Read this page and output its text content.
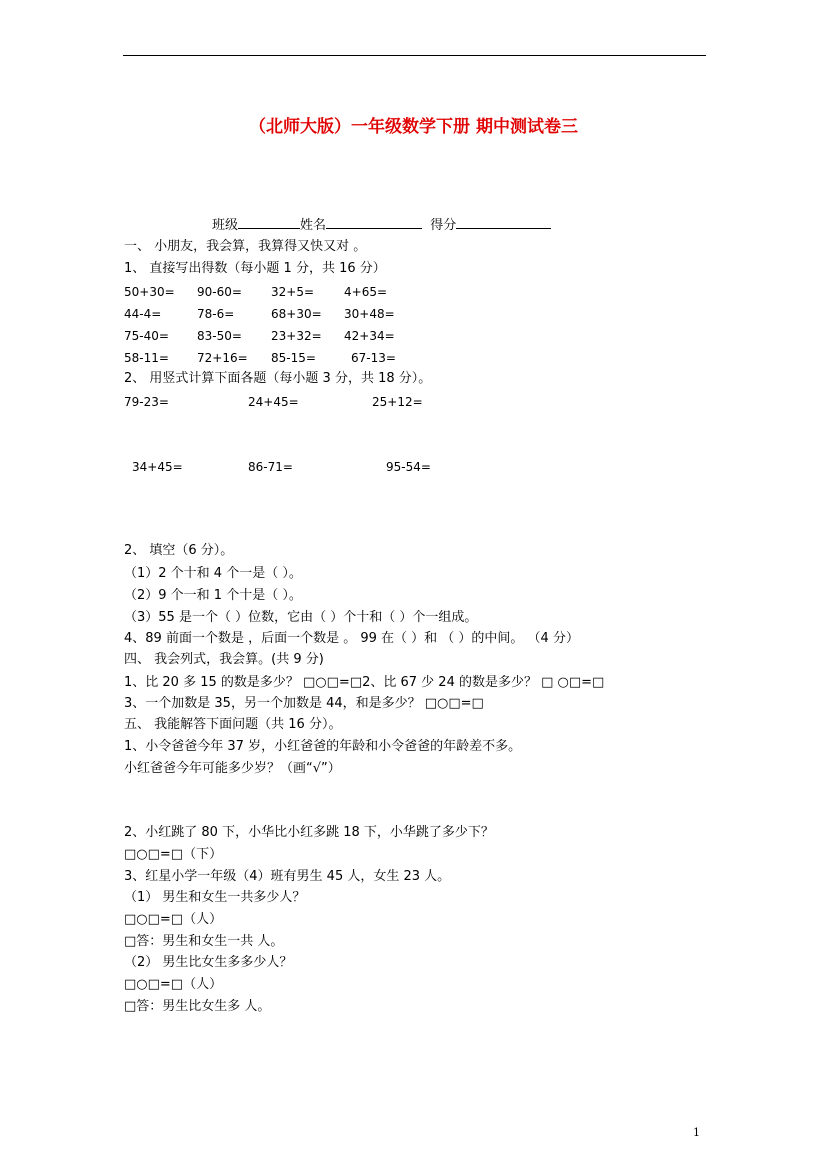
（北师大版）一年级数学下册 期中测试卷三
班级	姓名	得分
一、 小朋友，我会算，我算得又快又对 。
1、 直接写出得数（每小题 1 分，共 16 分）
50+30= 90-60= 32+5= 4+65=
44-4=	78-6=	68+30= 30+48=
75-40= 83-50= 23+32= 42+34=
58-11= 72+16= 85-15=	67-13=
2、 用竖式计算下面各题（每小题 3 分，共 18 分）。
79-23=	24+45=	25+12=
34+45=	86-71=	95-54=
2、 填空（6 分）。
（1）2 个十和 4 个一是（ ）。
（2）9 个一和 1 个十是（ ）。
（3）55 是一个（ ）位数，它由（ ）个十和（ ）个一组成。
4、89 前面一个数是 ，后面一个数是 。 99 在（ ）和 （ ）的中间。 （4 分）
四、 我会列式，我会算。(共 9 分)
1、比 20 多 15 的数是多少？ □○□=□2、比 67 少 24 的数是多少？ □ ○□=□
3、一个加数是 35，另一个加数是 44，和是多少？ □○□=□
五、 我能解答下面问题（共 16 分）。
1、小令爸爸今年 37 岁，小红爸爸的年龄和小令爸爸的年龄差不多。
小红爸爸今年可能多少岁？（画“√”）
2、小红跳了 80 下，小华比小红多跳 18 下，小华跳了多少下？
□○□=□（下）
3、红星小学一年级（4）班有男生 45 人，女生 23 人。
（1） 男生和女生一共多少人？
□○□=□（人）
□答：男生和女生一共 人。
（2） 男生比女生多多少人？
□○□=□（人）
□答：男生比女生多 人。
1
